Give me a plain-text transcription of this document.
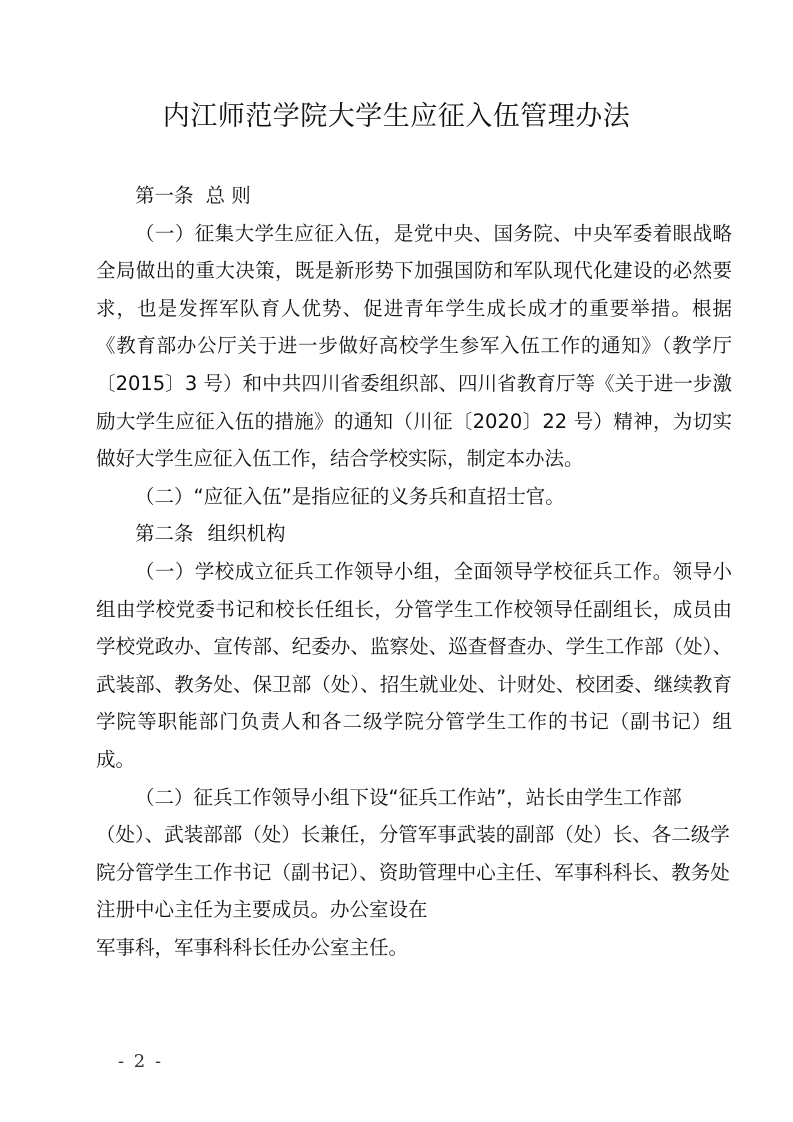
内江师范学院大学生应征入伍管理办法

第一条 总 则

（一）征集大学生应征入伍，是党中央、国务院、中央军委着眼战略全局做出的重大决策，既是新形势下加强国防和军队现代化建设的必然要求，也是发挥军队育人优势、促进青年学生成长成才的重要举措。根据《教育部办公厅关于进一步做好高校学生参军入伍工作的通知》（教学厅〔2015〕3 号）和中共四川省委组织部、四川省教育厅等《关于进一步激励大学生应征入伍的措施》的通知（川征〔2020〕22 号）精神，为切实做好大学生应征入伍工作，结合学校实际，制定本办法。

（二）“应征入伍”是指应征的义务兵和直招士官。

第二条 组织机构

（一）学校成立征兵工作领导小组，全面领导学校征兵工作。领导小组由学校党委书记和校长任组长，分管学生工作校领导任副组长，成员由学校党政办、宣传部、纪委办、监察处、巡查督查办、学生工作部（处）、武装部、教务处、保卫部（处）、招生就业处、计财处、校团委、继续教育学院等职能部门负责人和各二级学院分管学生工作的书记（副书记）组成。

（二）征兵工作领导小组下设“征兵工作站”，站长由学生工作部（处）、武装部部（处）长兼任，分管军事武装的副部（处）长、各二级学院分管学生工作书记（副书记）、资助管理中心主任、军事科科长、教务处注册中心主任为主要成员。办公室设在

军事科，军事科科长任办公室主任。

- 2 -
